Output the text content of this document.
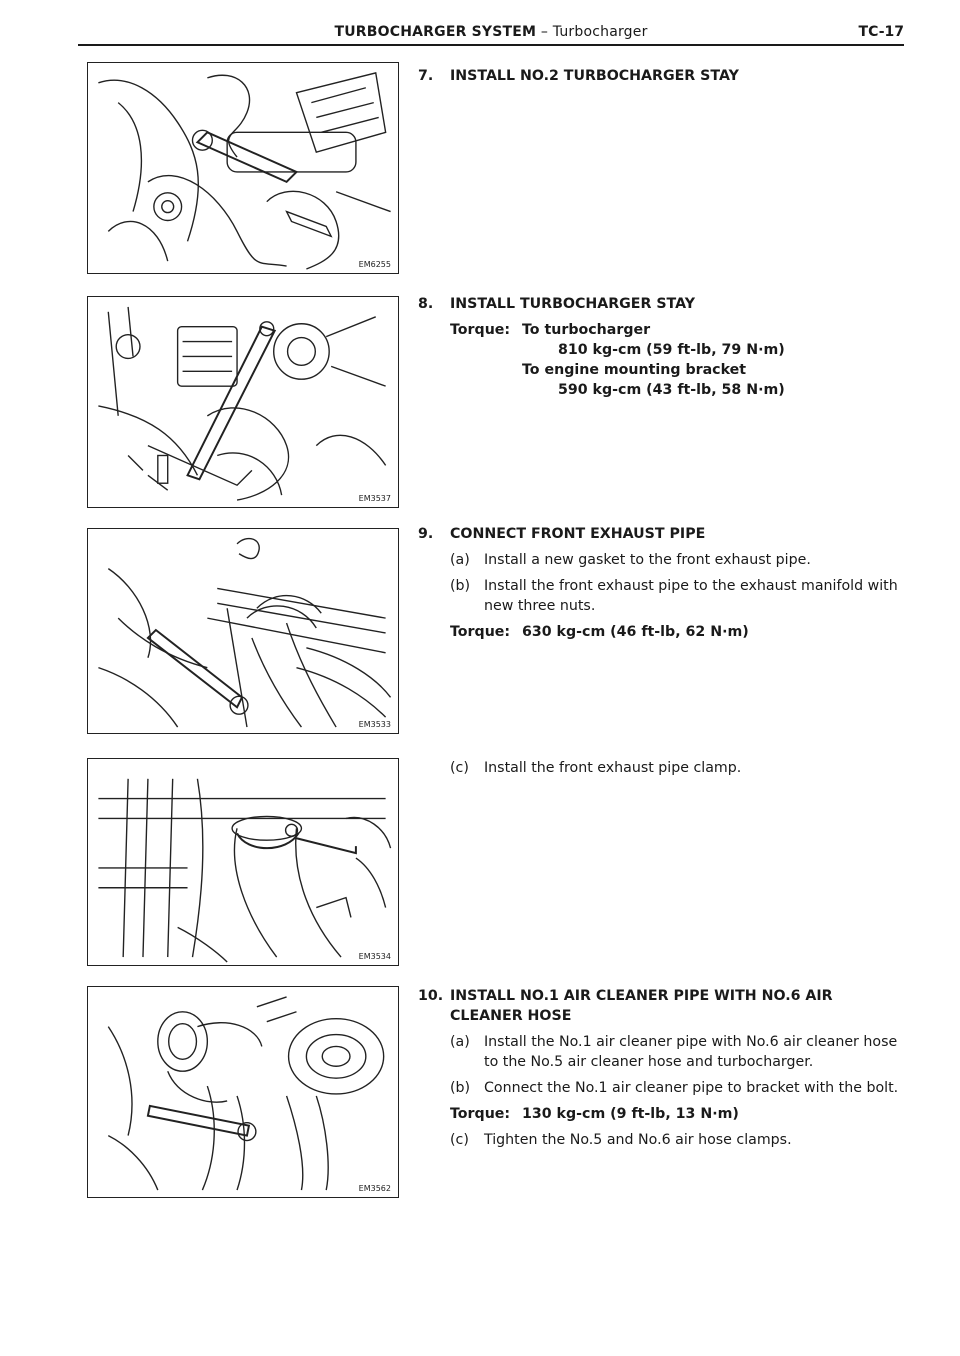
TURBOCHARGER SYSTEM – Turbocharger	TC-17
EM6255
EM3537
EM3533
EM3534
EM3562
7.	INSTALL NO.2 TURBOCHARGER STAY
8.	INSTALL TURBOCHARGER STAY
Torque: To turbocharger
810 kg-cm (59 ft-lb, 79 N·m)
To engine mounting bracket
590 kg-cm (43 ft-lb, 58 N·m)
9.	CONNECT FRONT EXHAUST PIPE
(a)	Install a new gasket to the front exhaust pipe.
(b) Install the front exhaust pipe to the exhaust manifold with new three nuts.
Torque: 630 kg-cm (46 ft-lb, 62 N·m)
(c)	Install the front exhaust pipe clamp.
10. INSTALL NO.1 AIR CLEANER PIPE WITH NO.6 AIR CLEANER HOSE
(a)	Install the No.1 air cleaner pipe with No.6 air cleaner hose to the No.5 air cleaner hose and turbocharger.
(b) Connect the No.1 air cleaner pipe to bracket with the bolt.
Torque: 130 kg-cm (9 ft-lb, 13 N·m)
(c)	Tighten the No.5 and No.6 air hose clamps.
